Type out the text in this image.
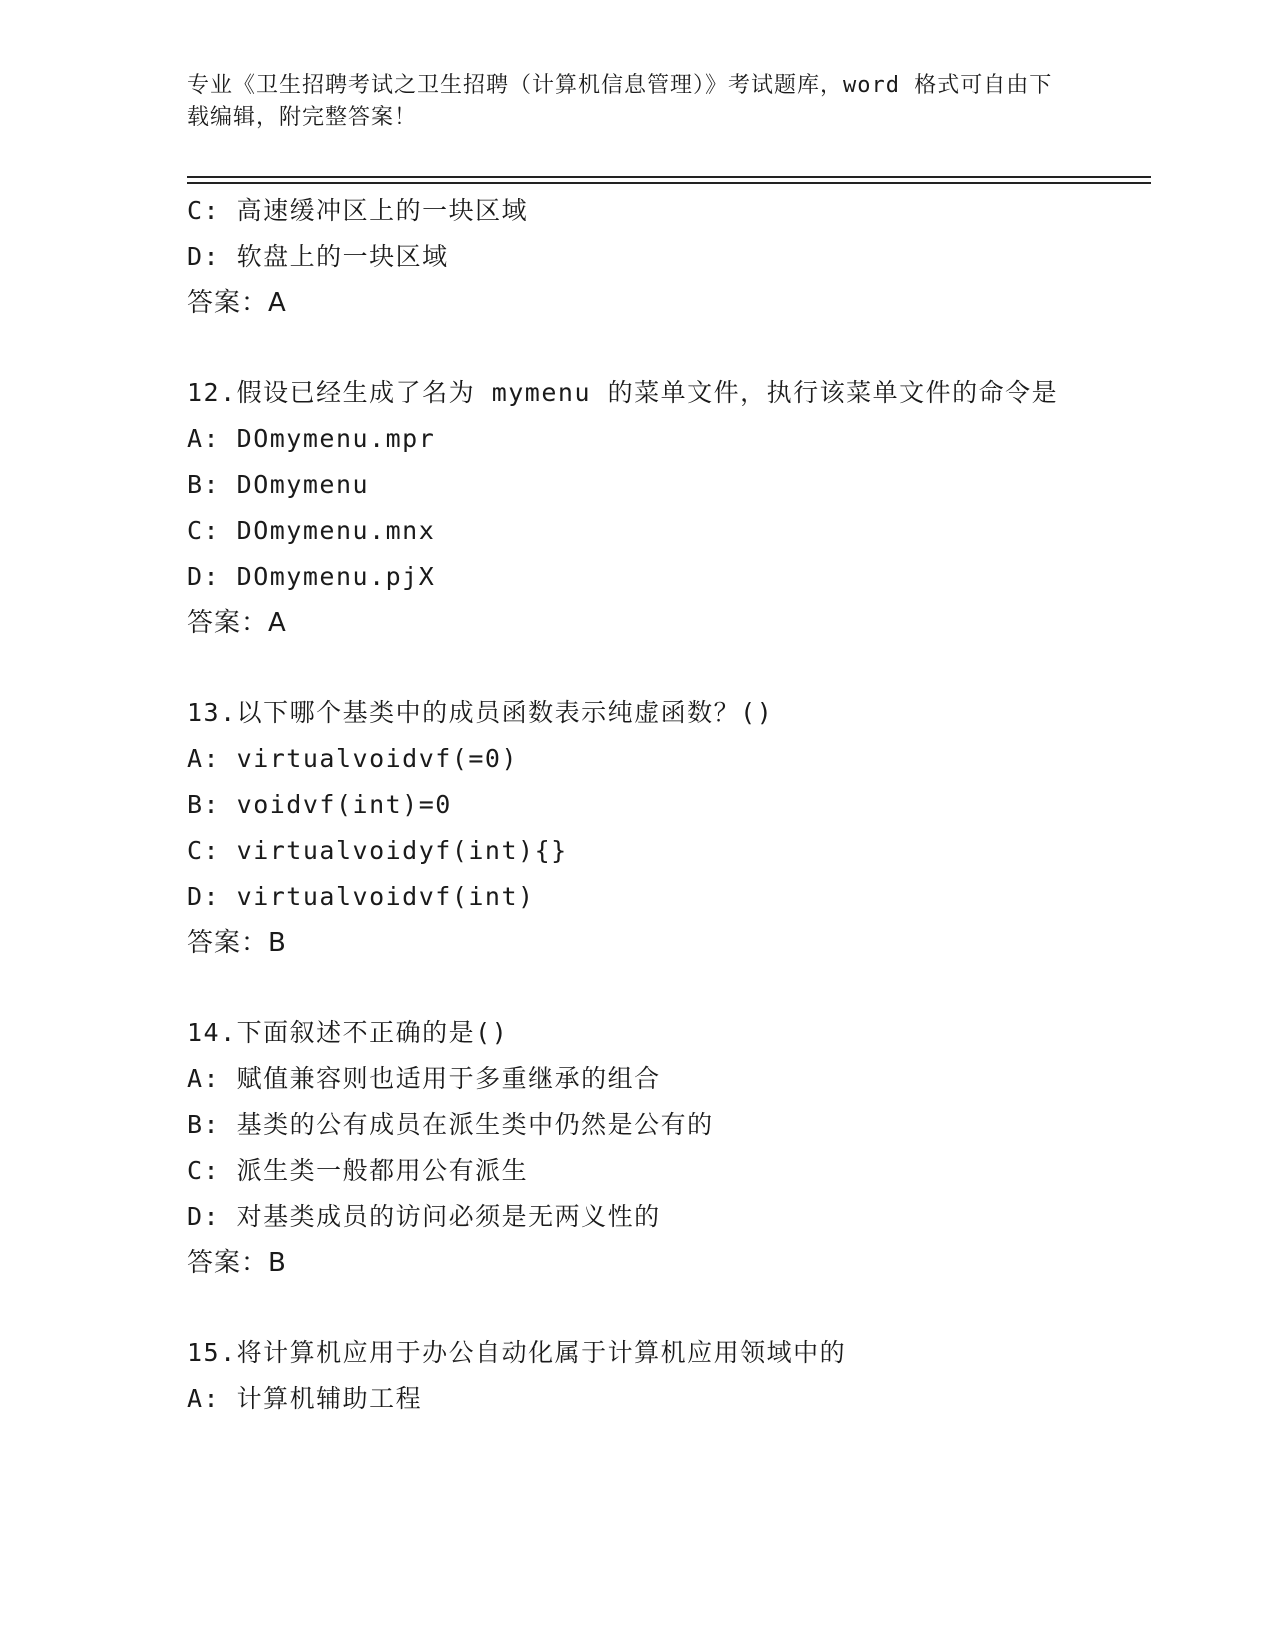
专业《卫生招聘考试之卫生招聘（计算机信息管理）》考试题库，word 格式可自由下载编辑，附完整答案！
C: 高速缓冲区上的一块区域
D: 软盘上的一块区域
答案：A
12.假设已经生成了名为 mymenu 的菜单文件，执行该菜单文件的命令是
A: DOmymenu.mpr
B: DOmymenu
C: DOmymenu.mnx
D: DOmymenu.pjX
答案：A
13.以下哪个基类中的成员函数表示纯虚函数？()
A: virtualvoidvf(=0)
B: voidvf(int)=0
C: virtualvoidyf(int){}
D: virtualvoidvf(int)
答案：B
14.下面叙述不正确的是()
A: 赋值兼容则也适用于多重继承的组合
B: 基类的公有成员在派生类中仍然是公有的
C: 派生类一般都用公有派生
D: 对基类成员的访问必须是无两义性的
答案：B
15.将计算机应用于办公自动化属于计算机应用领域中的
A: 计算机辅助工程
